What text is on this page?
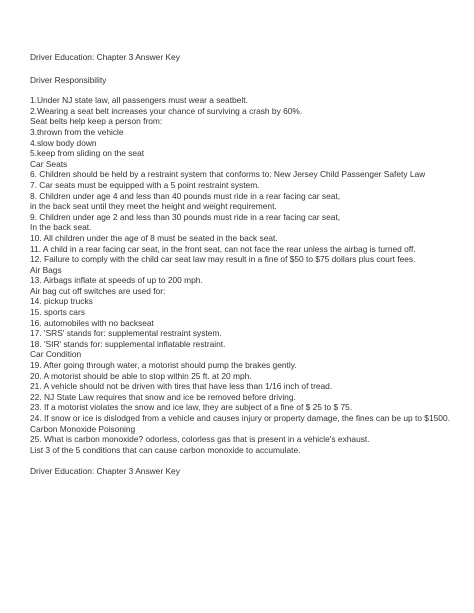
Driver Education: Chapter 3 Answer Key
Driver Responsibility
1.Under NJ state law, all passengers must wear a seatbelt.
2.Wearing a seat belt increases your chance of surviving a crash by 60%.
Seat belts help keep a person from:
3.thrown from the vehicle
4.slow body down
5.keep from sliding on the seat
Car Seats
6. Children should be held by a restraint system that conforms to: New Jersey Child Passenger Safety Law
7. Car seats must be equipped with a 5 point restraint system.
8. Children under age 4 and less than 40 pounds must ride in a rear facing car seat,
in the back seat until they meet the height and weight requirement.
9. Children under age 2 and less than 30 pounds must ride in a rear facing car seat,
In the back seat.
10. All children under the age of 8 must be seated in the back seat.
11. A child in a rear facing car seat, in the front seat, can not face the rear unless the airbag is turned off.
12. Failure to comply with the child car seat law may result in a fine of $50 to $75 dollars plus court fees.
Air Bags
13. Airbags inflate at speeds of up to 200 mph.
Air bag cut off switches are used for:
14. pickup trucks
15. sports cars
16. automobiles with no backseat
17. 'SRS' stands for: supplemental restraint system.
18. 'SIR' stands for: supplemental inflatable restraint.
Car Condition
19. After going through water, a motorist should pump the brakes gently.
20. A motorist should be able to stop within 25 ft. at 20 mph.
21. A vehicle should not be driven with tires that have less than 1/16 inch of tread.
22. NJ State Law requires that snow and ice be removed before driving.
23. If a motorist violates the snow and ice law, they are subject of a fine of $ 25 to $ 75.
24. If snow or ice is dislodged from a vehicle and causes injury or property damage, the fines can be up to $1500.
Carbon Monoxide Poisoning
25. What is carbon monoxide? odorless, colorless gas that is present in a vehicle's exhaust.
List 3 of the 5 conditions that can cause carbon monoxide to accumulate.
Driver Education: Chapter 3 Answer Key
